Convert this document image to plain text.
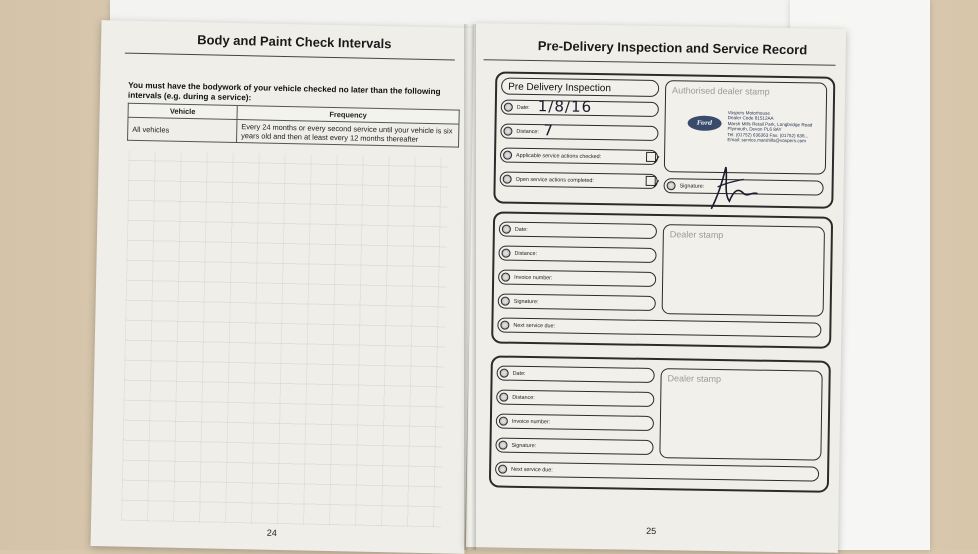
Body and Paint Check Intervals
You must have the bodywork of your vehicle checked no later than the following intervals (e.g. during a service):
Vehicle	Frequency
All vehicles	Every 24 months or every second service until your vehicle is six years old and then at least every 12 months thereafter
24
Pre-Delivery Inspection and Service Record
Pre Delivery Inspection
Date: 1/8/16
Distance: 7
Applicable service actions checked:
Open service actions completed:
Authorised dealer stamp
Ford
Vospers Motorhouse
Dealer Code 81512AA
Marsh Mills Retail Park, Longbridge Road
Plymouth, Devon PL6 8AY
Tel: (01752) 636363 Fax: (01752) 636...
Email: service.marshills@vospers.com
Signature:
Date:
Distance:
Invoice number:
Signature:
Next service due:
Dealer stamp
Date:
Distance:
Invoice number:
Signature:
Next service due:
Dealer stamp
25
